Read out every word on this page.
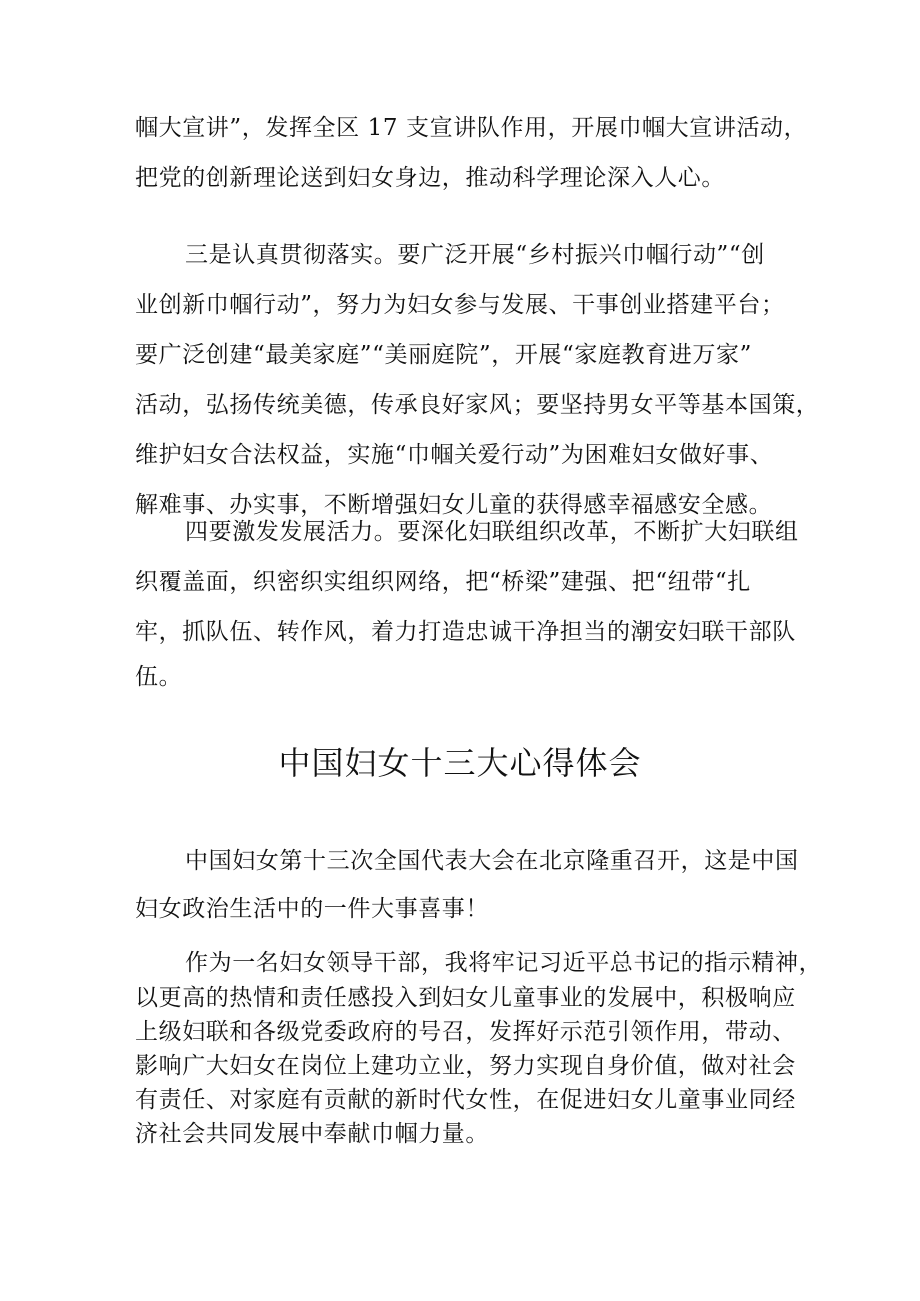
帼大宣讲”，发挥全区 17 支宣讲队作用，开展巾帼大宣讲活动，
把党的创新理论送到妇女身边，推动科学理论深入人心。
三是认真贯彻落实。要广泛开展“乡村振兴巾帼行动”“创
业创新巾帼行动”，努力为妇女参与发展、干事创业搭建平台；
要广泛创建“最美家庭”“美丽庭院”，开展“家庭教育进万家”
活动，弘扬传统美德，传承良好家风；要坚持男女平等基本国策，
维护妇女合法权益，实施“巾帼关爱行动”为困难妇女做好事、
解难事、办实事，不断增强妇女儿童的获得感幸福感安全感。
四要激发发展活力。要深化妇联组织改革，不断扩大妇联组
织覆盖面，织密织实组织网络，把“桥梁”建强、把“纽带“扎
牢，抓队伍、转作风，着力打造忠诚干净担当的潮安妇联干部队
中国妇女十三大心得体会
中国妇女第十三次全国代表大会在北京隆重召开，这是中国
妇女政治生活中的一件大事喜事！
作为一名妇女领导干部，我将牢记习近平总书记的指示精神，
以更高的热情和责任感投入到妇女儿童事业的发展中，积极响应
上级妇联和各级党委政府的号召，发挥好示范引领作用，带动、
影响广大妇女在岗位上建功立业，努力实现自身价值，做对社会
有责任、对家庭有贡献的新时代女性，在促进妇女儿童事业同经
济社会共同发展中奉献巾帼力量。
伍。
